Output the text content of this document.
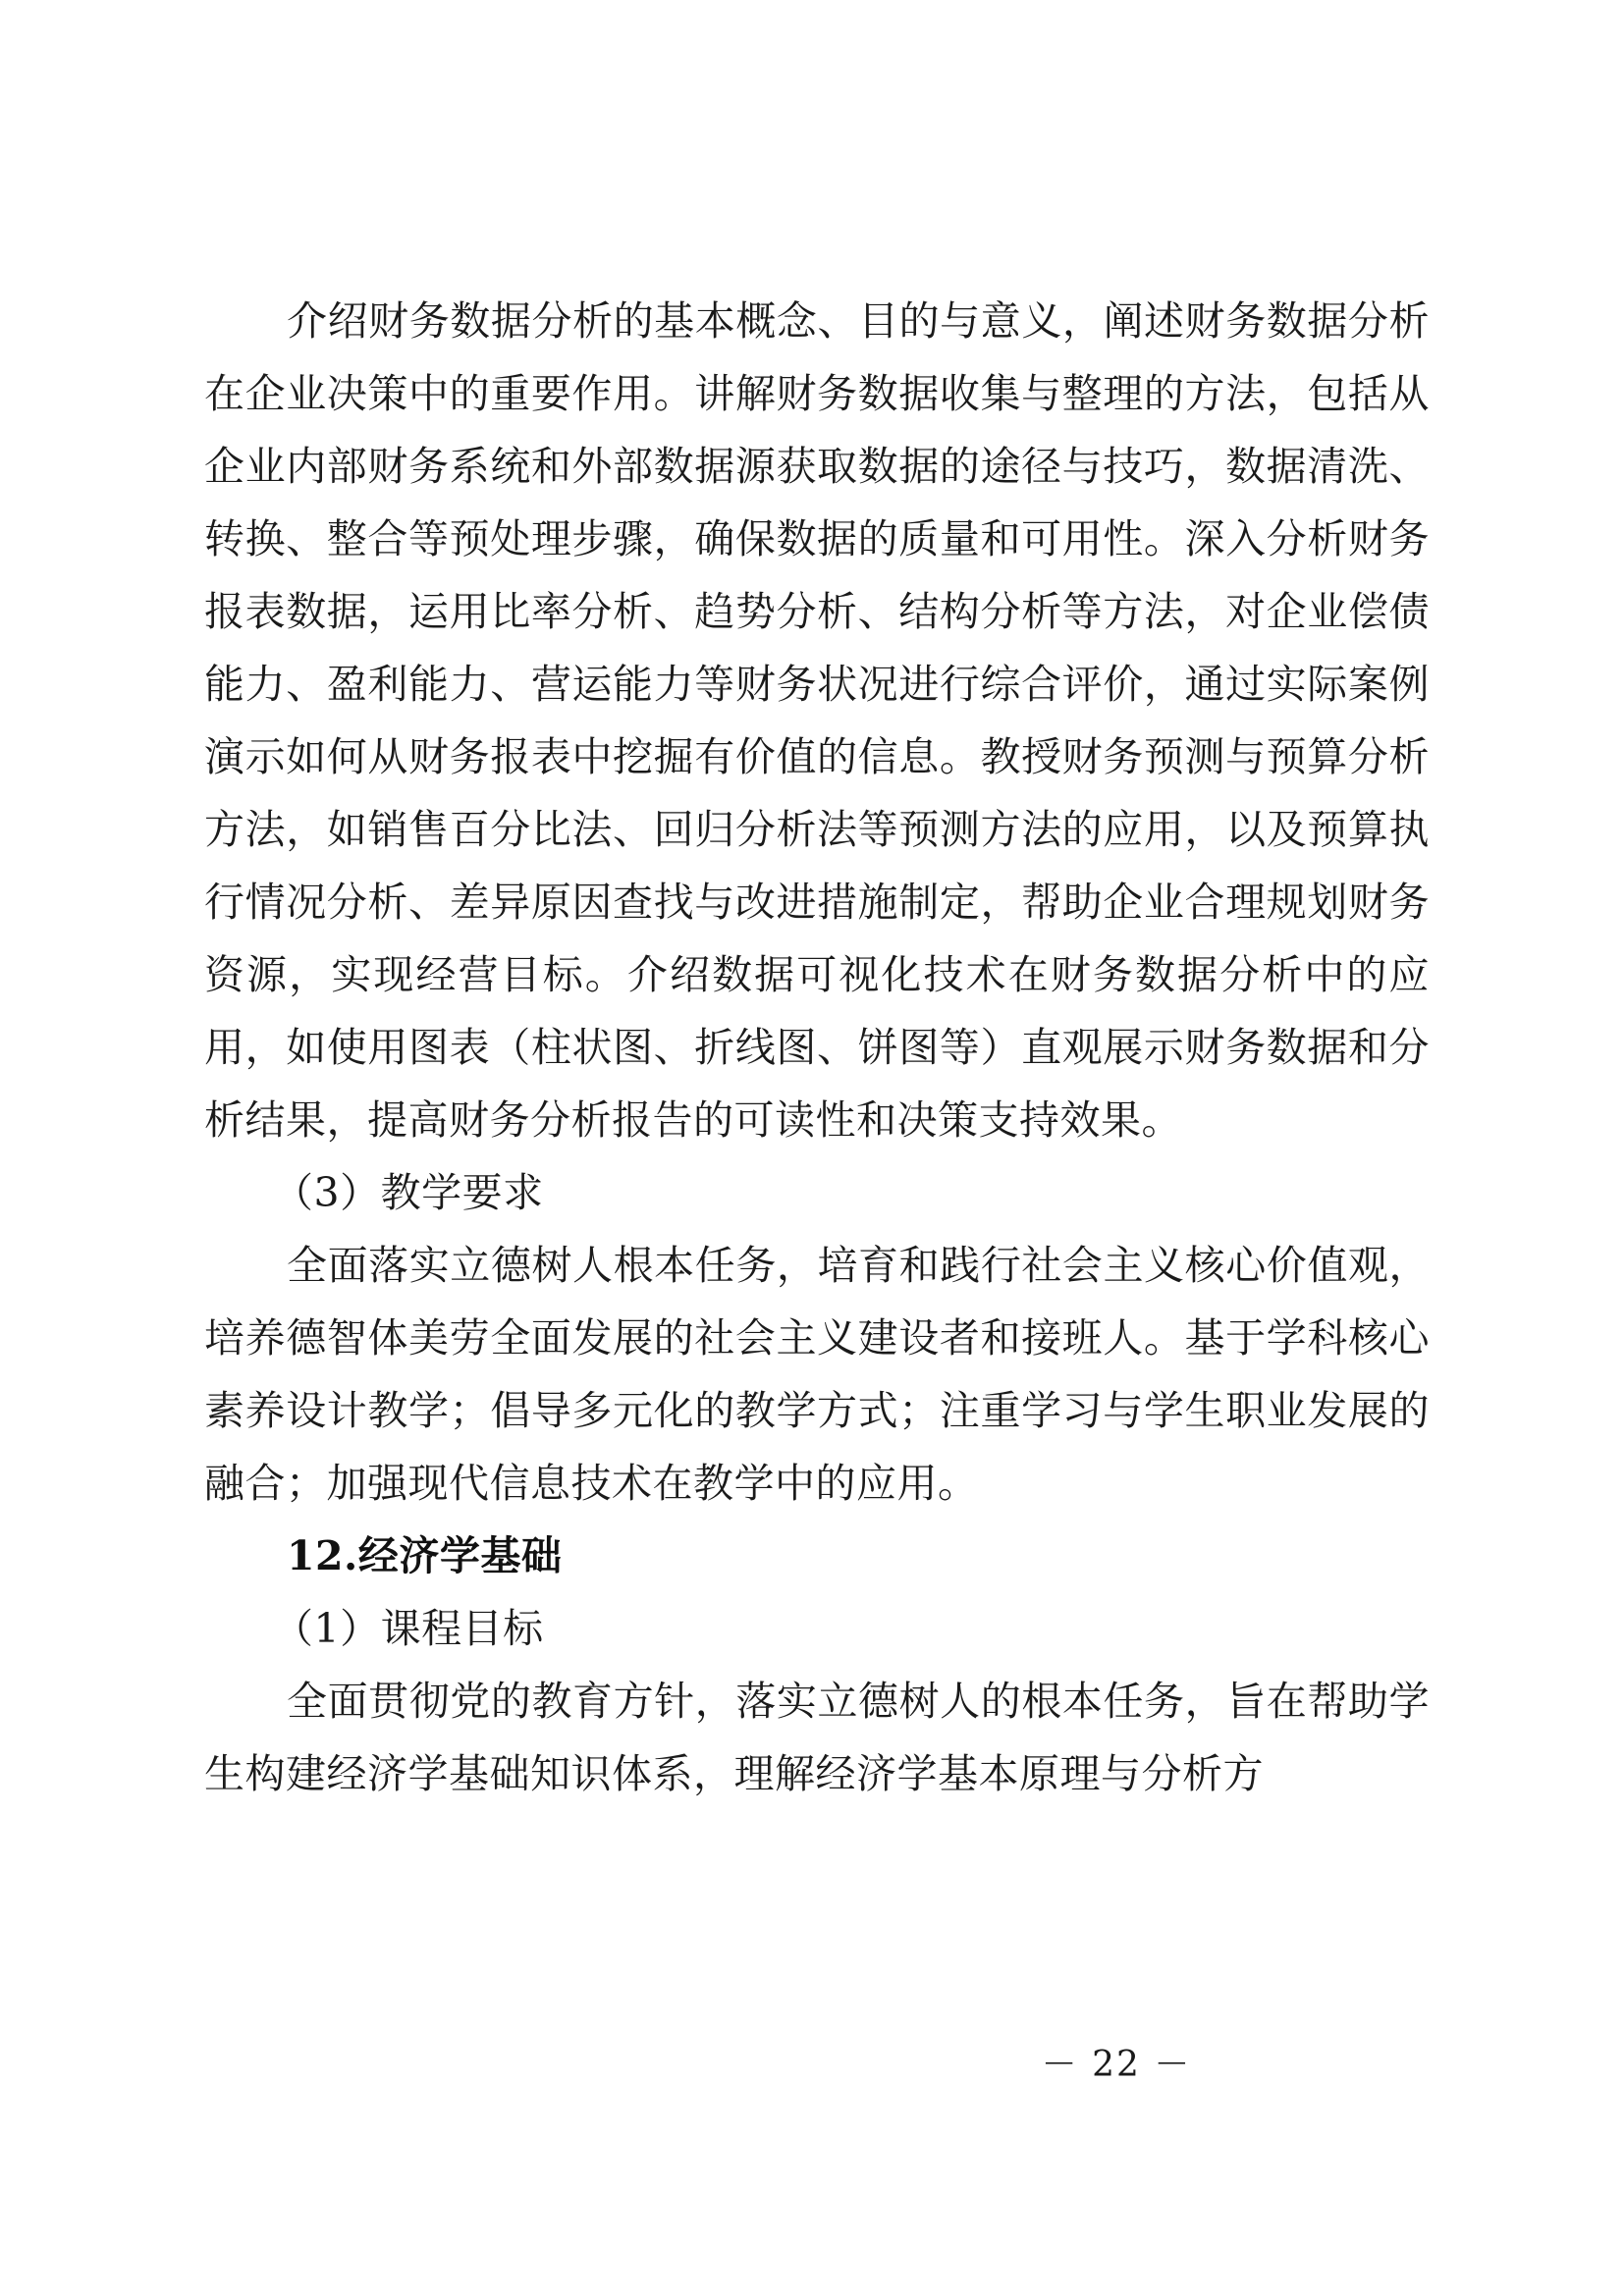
介绍财务数据分析的基本概念、目的与意义，阐述财务数据分析在企业决策中的重要作用。讲解财务数据收集与整理的方法，包括从企业内部财务系统和外部数据源获取数据的途径与技巧，数据清洗、转换、整合等预处理步骤，确保数据的质量和可用性。深入分析财务报表数据，运用比率分析、趋势分析、结构分析等方法，对企业偿债能力、盈利能力、营运能力等财务状况进行综合评价，通过实际案例演示如何从财务报表中挖掘有价值的信息。教授财务预测与预算分析方法，如销售百分比法、回归分析法等预测方法的应用，以及预算执行情况分析、差异原因查找与改进措施制定，帮助企业合理规划财务资源，实现经营目标。介绍数据可视化技术在财务数据分析中的应用，如使用图表（柱状图、折线图、饼图等）直观展示财务数据和分析结果，提高财务分析报告的可读性和决策支持效果。

（3）教学要求

全面落实立德树人根本任务，培育和践行社会主义核心价值观，培养德智体美劳全面发展的社会主义建设者和接班人。基于学科核心素养设计教学；倡导多元化的教学方式；注重学习与学生职业发展的融合；加强现代信息技术在教学中的应用。

12.经济学基础

（1）课程目标

全面贯彻党的教育方针，落实立德树人的根本任务，旨在帮助学生构建经济学基础知识体系，理解经济学基本原理与分析方

－ 22 －
